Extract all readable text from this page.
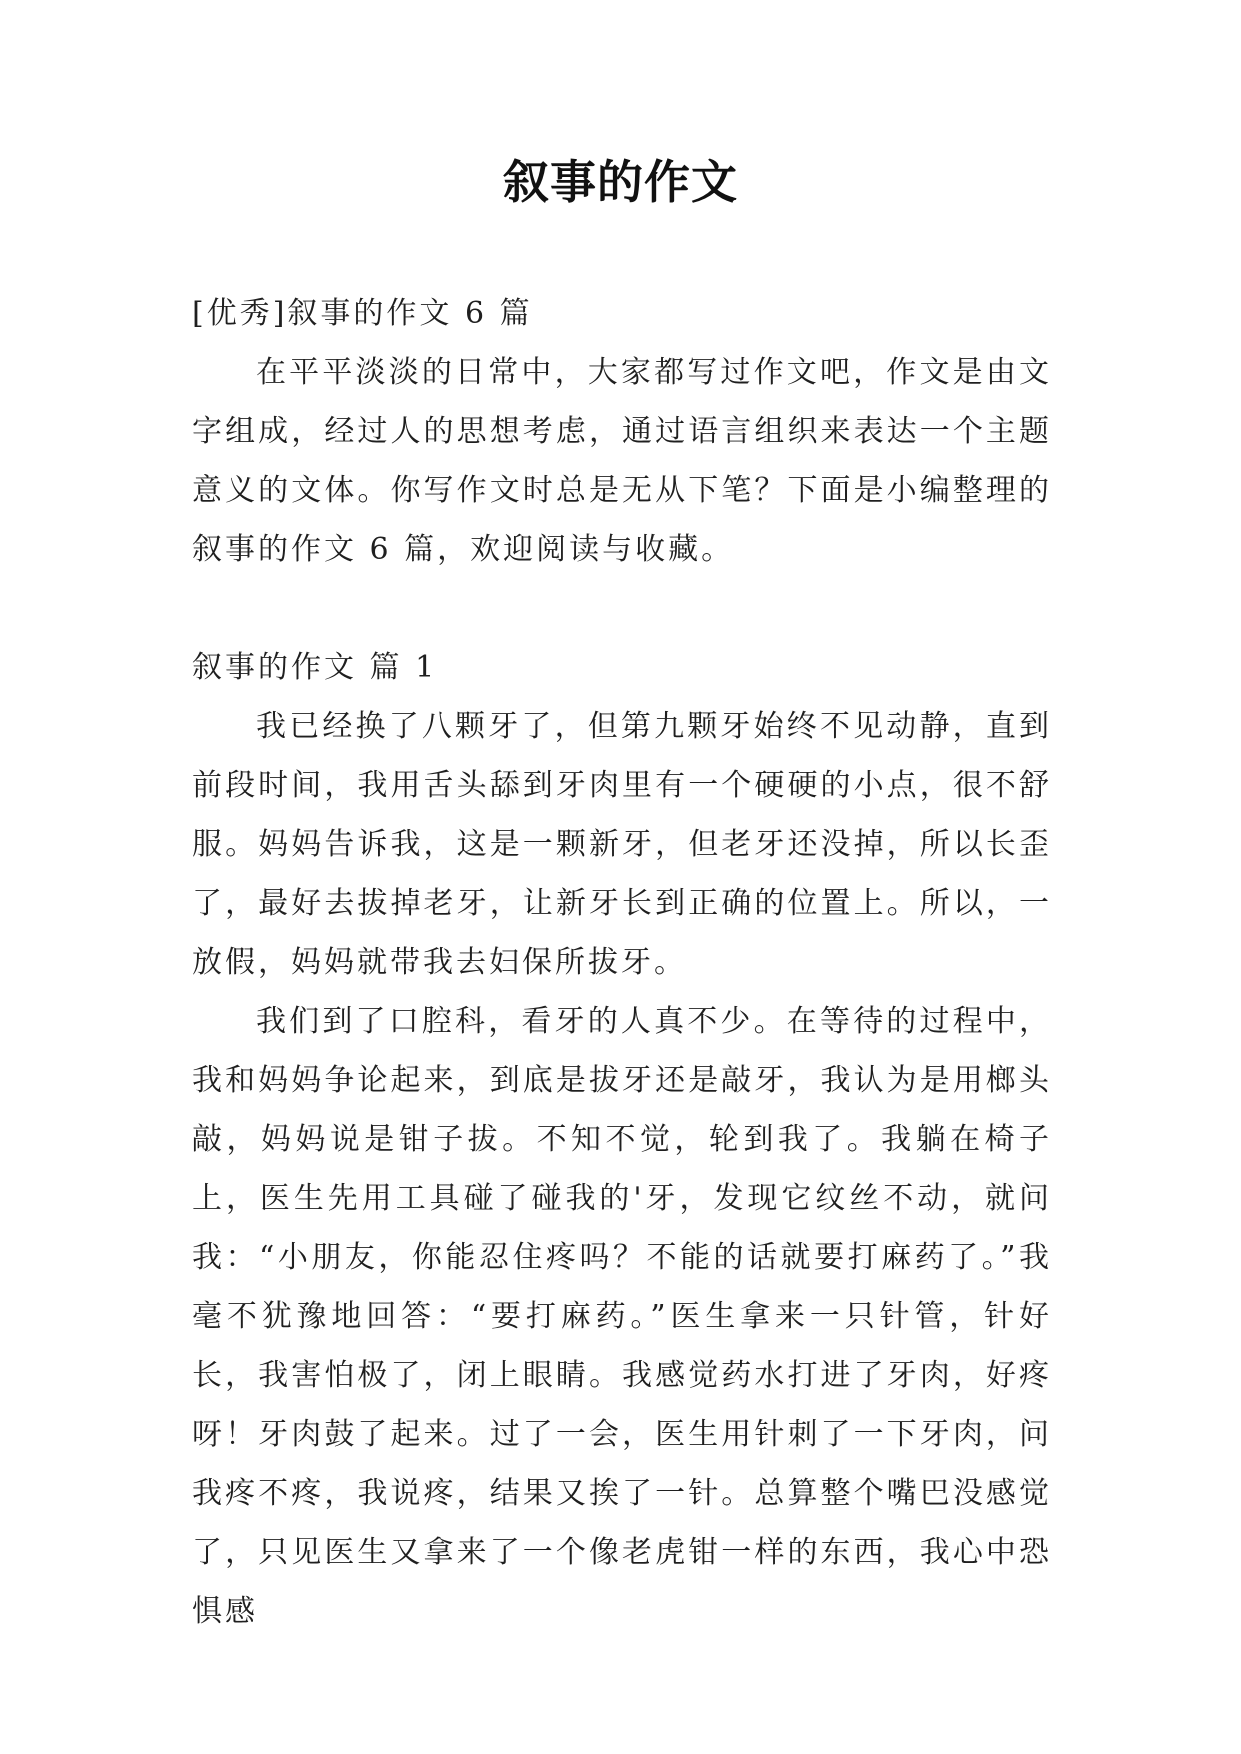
叙事的作文

[优秀]叙事的作文 6 篇

在平平淡淡的日常中，大家都写过作文吧，作文是由文字组成，经过人的思想考虑，通过语言组织来表达一个主题意义的文体。你写作文时总是无从下笔？下面是小编整理的叙事的作文 6 篇，欢迎阅读与收藏。

叙事的作文 篇 1

我已经换了八颗牙了，但第九颗牙始终不见动静，直到前段时间，我用舌头舔到牙肉里有一个硬硬的小点，很不舒服。妈妈告诉我，这是一颗新牙，但老牙还没掉，所以长歪了，最好去拔掉老牙，让新牙长到正确的位置上。所以，一放假，妈妈就带我去妇保所拔牙。

我们到了口腔科，看牙的人真不少。在等待的过程中，我和妈妈争论起来，到底是拔牙还是敲牙，我认为是用榔头敲，妈妈说是钳子拔。不知不觉，轮到我了。我躺在椅子上，医生先用工具碰了碰我的'牙，发现它纹丝不动，就问我：“小朋友，你能忍住疼吗？不能的话就要打麻药了。”我毫不犹豫地回答：“要打麻药。”医生拿来一只针管，针好长，我害怕极了，闭上眼睛。我感觉药水打进了牙肉，好疼呀！牙肉鼓了起来。过了一会，医生用针刺了一下牙肉，问我疼不疼，我说疼，结果又挨了一针。总算整个嘴巴没感觉了，只见医生又拿来了一个像老虎钳一样的东西，我心中恐惧感
